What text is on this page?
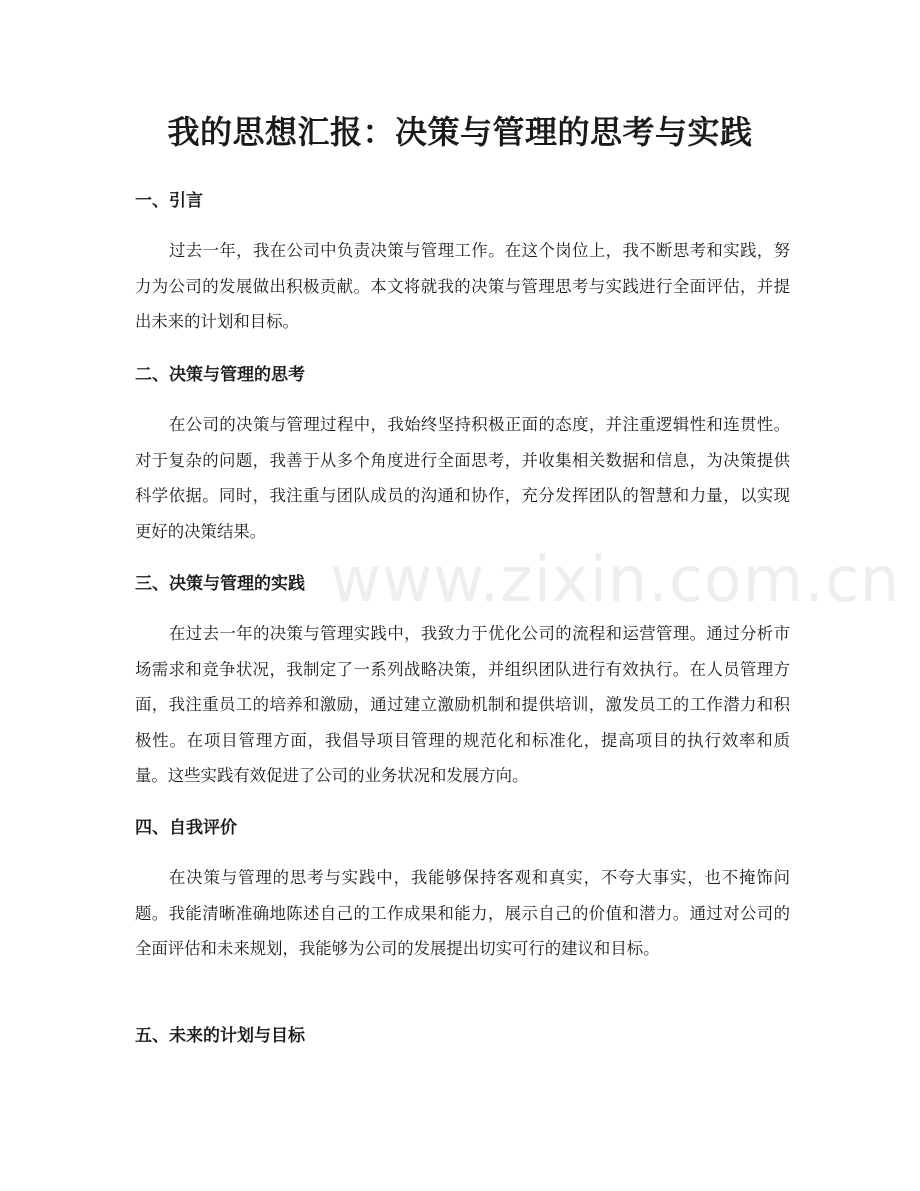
我的思想汇报：决策与管理的思考与实践
一、引言

过去一年，我在公司中负责决策与管理工作。在这个岗位上，我不断思考和实践，努力为公司的发展做出积极贡献。本文将就我的决策与管理思考与实践进行全面评估，并提出未来的计划和目标。

二、决策与管理的思考

在公司的决策与管理过程中，我始终坚持积极正面的态度，并注重逻辑性和连贯性。对于复杂的问题，我善于从多个角度进行全面思考，并收集相关数据和信息，为决策提供科学依据。同时，我注重与团队成员的沟通和协作，充分发挥团队的智慧和力量，以实现更好的决策结果。

三、决策与管理的实践

在过去一年的决策与管理实践中，我致力于优化公司的流程和运营管理。通过分析市场需求和竞争状况，我制定了一系列战略决策，并组织团队进行有效执行。在人员管理方面，我注重员工的培养和激励，通过建立激励机制和提供培训，激发员工的工作潜力和积极性。在项目管理方面，我倡导项目管理的规范化和标准化，提高项目的执行效率和质量。这些实践有效促进了公司的业务状况和发展方向。

四、自我评价

在决策与管理的思考与实践中，我能够保持客观和真实，不夸大事实，也不掩饰问题。我能清晰准确地陈述自己的工作成果和能力，展示自己的价值和潜力。通过对公司的全面评估和未来规划，我能够为公司的发展提出切实可行的建议和目标。

五、未来的计划与目标
www.zixin.com.cn
